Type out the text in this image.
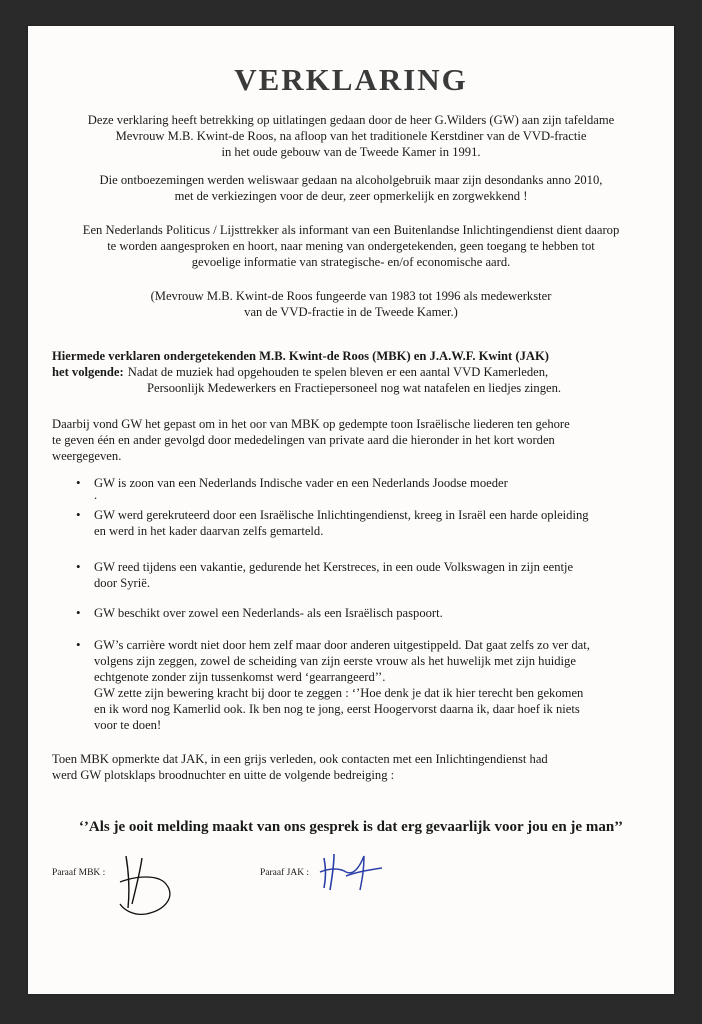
VERKLARING
Deze verklaring heeft betrekking op uitlatingen gedaan door de heer G.Wilders (GW) aan zijn tafeldame
Mevrouw M.B. Kwint-de Roos, na afloop van het traditionele Kerstdiner van de VVD-fractie
in het oude gebouw van de Tweede Kamer in 1991.
Die ontboezemingen werden weliswaar gedaan na alcoholgebruik maar zijn desondanks anno 2010,
met de verkiezingen voor de deur, zeer opmerkelijk en zorgwekkend !
Een Nederlands Politicus / Lijsttrekker als informant van een Buitenlandse Inlichtingendienst dient daarop
te worden aangesproken en hoort, naar mening van ondergetekenden, geen toegang te hebben tot
gevoelige informatie van strategische- en/of economische aard.
(Mevrouw M.B. Kwint-de Roos fungeerde van 1983 tot 1996 als medewerkster
van de VVD-fractie in de Tweede Kamer.)
Hiermede verklaren ondergetekenden M.B. Kwint-de Roos (MBK) en J.A.W.F. Kwint (JAK)
het volgende: Nadat de muziek had opgehouden te spelen bleven er een aantal VVD Kamerleden,
Persoonlijk Medewerkers en Fractiepersoneel nog wat natafelen en liedjes zingen.
Daarbij vond GW het gepast om in het oor van MBK op gedempte toon Israëlische liederen ten gehore
te geven één en ander gevolgd door mededelingen van private aard die hieronder in het kort worden
weergegeven.
• GW is zoon van een Nederlands Indische vader en een Nederlands Joodse moeder
.
• GW werd gerekruteerd door een Israëlische Inlichtingendienst, kreeg in Israël een harde opleiding
en werd in het kader daarvan zelfs gemarteld.
• GW reed tijdens een vakantie, gedurende het Kerstreces, in een oude Volkswagen in zijn eentje
door Syrië.
• GW beschikt over zowel een Nederlands- als een Israëlisch paspoort.
• GW’s carrière wordt niet door hem zelf maar door anderen uitgestippeld. Dat gaat zelfs zo ver dat,
volgens zijn zeggen, zowel de scheiding van zijn eerste vrouw als het huwelijk met zijn huidige
echtgenote zonder zijn tussenkomst werd ‘gearrangeerd’’.
GW zette zijn bewering kracht bij door te zeggen : ‘’Hoe denk je dat ik hier terecht ben gekomen
en ik word nog Kamerlid ook. Ik ben nog te jong, eerst Hoogervorst daarna ik, daar hoef ik niets
voor te doen!
Toen MBK opmerkte dat JAK, in een grijs verleden, ook contacten met een Inlichtingendienst had
werd GW plotsklaps broodnuchter en uitte de volgende bedreiging :
‘’Als je ooit melding maakt van ons gesprek is dat erg gevaarlijk voor jou en je man’’
Paraaf MBK :	Paraaf JAK :
